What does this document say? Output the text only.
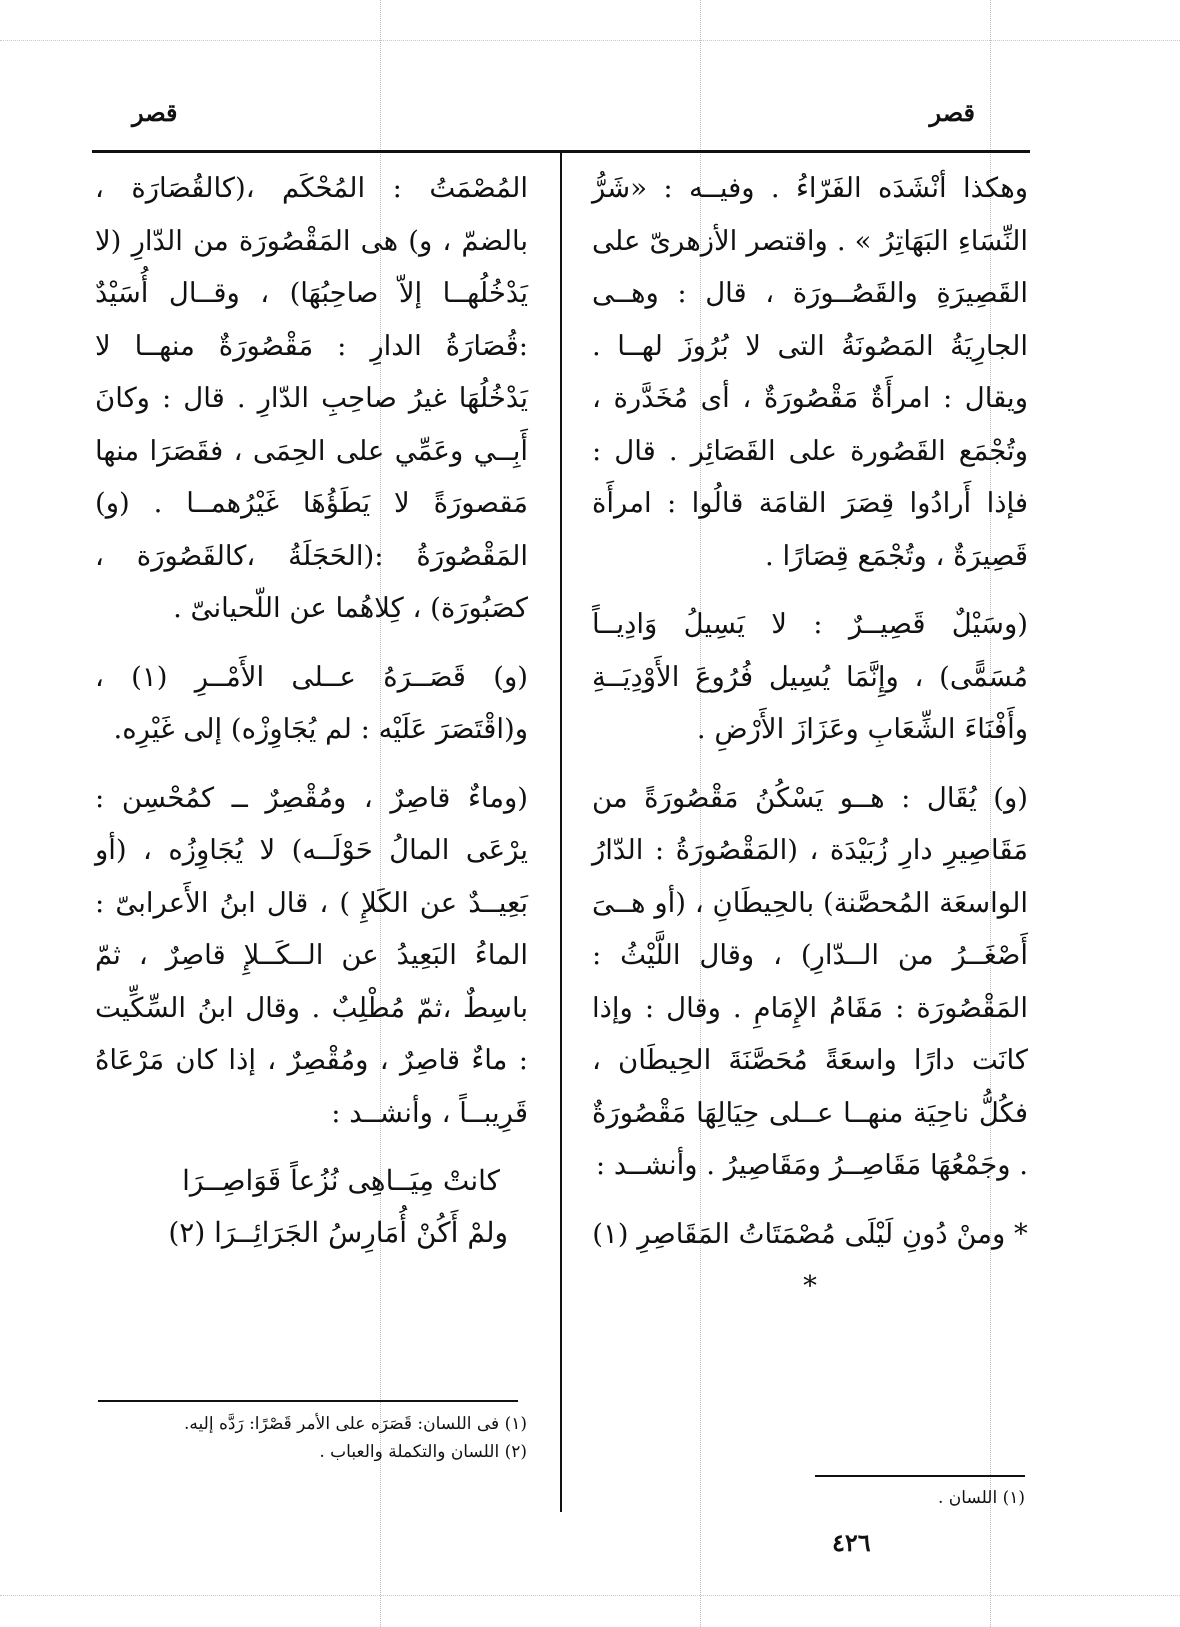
قصر
قصر

وهكذا أنْشَدَه الفَرّاءُ . وفيــه : «شَرُّ النِّسَاءِ البَهَاتِرُ » . واقتصر الأزهرىّ على القَصِيرَةِ والقَصُــورَة ، قال : وهــى الجارِيَةُ المَصُونَةُ التى لا بُرُوزَ لهــا . ويقال : امرأَةٌ مَقْصُورَةٌ ، أى مُخَدَّرة ، وتُجْمَع القَصُورة على القَصَائِر . قال : فإذا أَرادُوا قِصَرَ القامَة قالُوا : امرأَة قَصِيرَةٌ ، وتُجْمَع قِصَارًا .

(وسَيْلٌ قَصِيــرٌ : لا يَسِيلُ وَادِيــاً مُسَمًّى) ، وإِنَّمَا يُسِيل فُرُوعَ الأَوْدِيَــةِ وأَفْنَاءَ الشِّعَابِ وعَزَازَ الأَرْضِ .

(و) يُقَال : هــو يَسْكُنُ مَقْصُورَةً من مَقَاصِيرِ دارِ زُبَيْدَة ، (المَقْصُورَةُ : الدّارُ الواسعَة المُحصَّنة) بالحِيطَانِ ، (أو هــىَ أَصْغَــرُ من الــدّارِ) ، وقال اللَّيْثُ : المَقْصُورَة : مَقَامُ الإِمَامِ . وقال : وإذا كانَت دارًا واسعَةً مُحَصَّنَةَ الحِيطَان ، فكُلُّ ناحِيَة منهــا عــلى حِيَالِهَا مَقْصُورَةٌ . وجَمْعُهَا مَقَاصِــرُ ومَقَاصِيرُ . وأنشــد :

* ومنْ دُونِ لَيْلَى مُصْمَتَاتُ المَقَاصِرِ (١) *

المُصْمَتُ : المُحْكَم ،(كالقُصَارَة ، بالضمّ ، و) هى المَقْصُورَة من الدّارِ (لا يَدْخُلُهــا إلاّ صاحِبُهَا) ، وقــال أُسَيْدٌ :قُصَارَةُ الدارِ : مَقْصُورَةٌ منهــا لا يَدْخُلُهَا غيرُ صاحِبِ الدّارِ . قال : وكانَ أَبِــي وعَمِّي على الحِمَى ، فقَصَرَا منها مَقصورَةً لا يَطَؤُهَا غَيْرُهمــا . (و) المَقْصُورَةُ :(الحَجَلَةُ ،كالقَصُورَة ، كصَبُورَة) ، كِلاهُما عن اللّحيانىّ .

(و) قَصَــرَهُ عــلى الأَمْــرِ (١) ، و(اقْتَصَرَ عَلَيْه : لم يُجَاوِزْه) إلى غَيْرِه.

(وماءٌ قاصِرٌ ، ومُقْصِرٌ ــ كمُحْسِن : يرْعَى المالُ حَوْلَــه) لا يُجَاوِزُه ، (أو بَعِيــدٌ عن الكَلإِ ) ، قال ابنُ الأَعرابىّ : الماءُ البَعِيدُ عن الــكَــلإِ قاصِرٌ ، ثمّ باسِطٌ ،ثمّ مُطْلِبٌ . وقال ابنُ السِّكِّيت : ماءٌ قاصِرٌ ، ومُقْصِرٌ ، إذا كان مَرْعَاهُ قَرِيبــاً ، وأنشــد :

كانتْ مِيَــاهِى نُزُعاً قَوَاصِــرَا

ولمْ أَكُنْ أُمَارِسُ الجَرَائِــرَا (٢)

(١) فى اللسان: قَصَرَه على الأمر قَصْرًا: رَدَّه إليه.

(٢) اللسان والتكملة والعباب .

(١) اللسان .

٤٢٦
